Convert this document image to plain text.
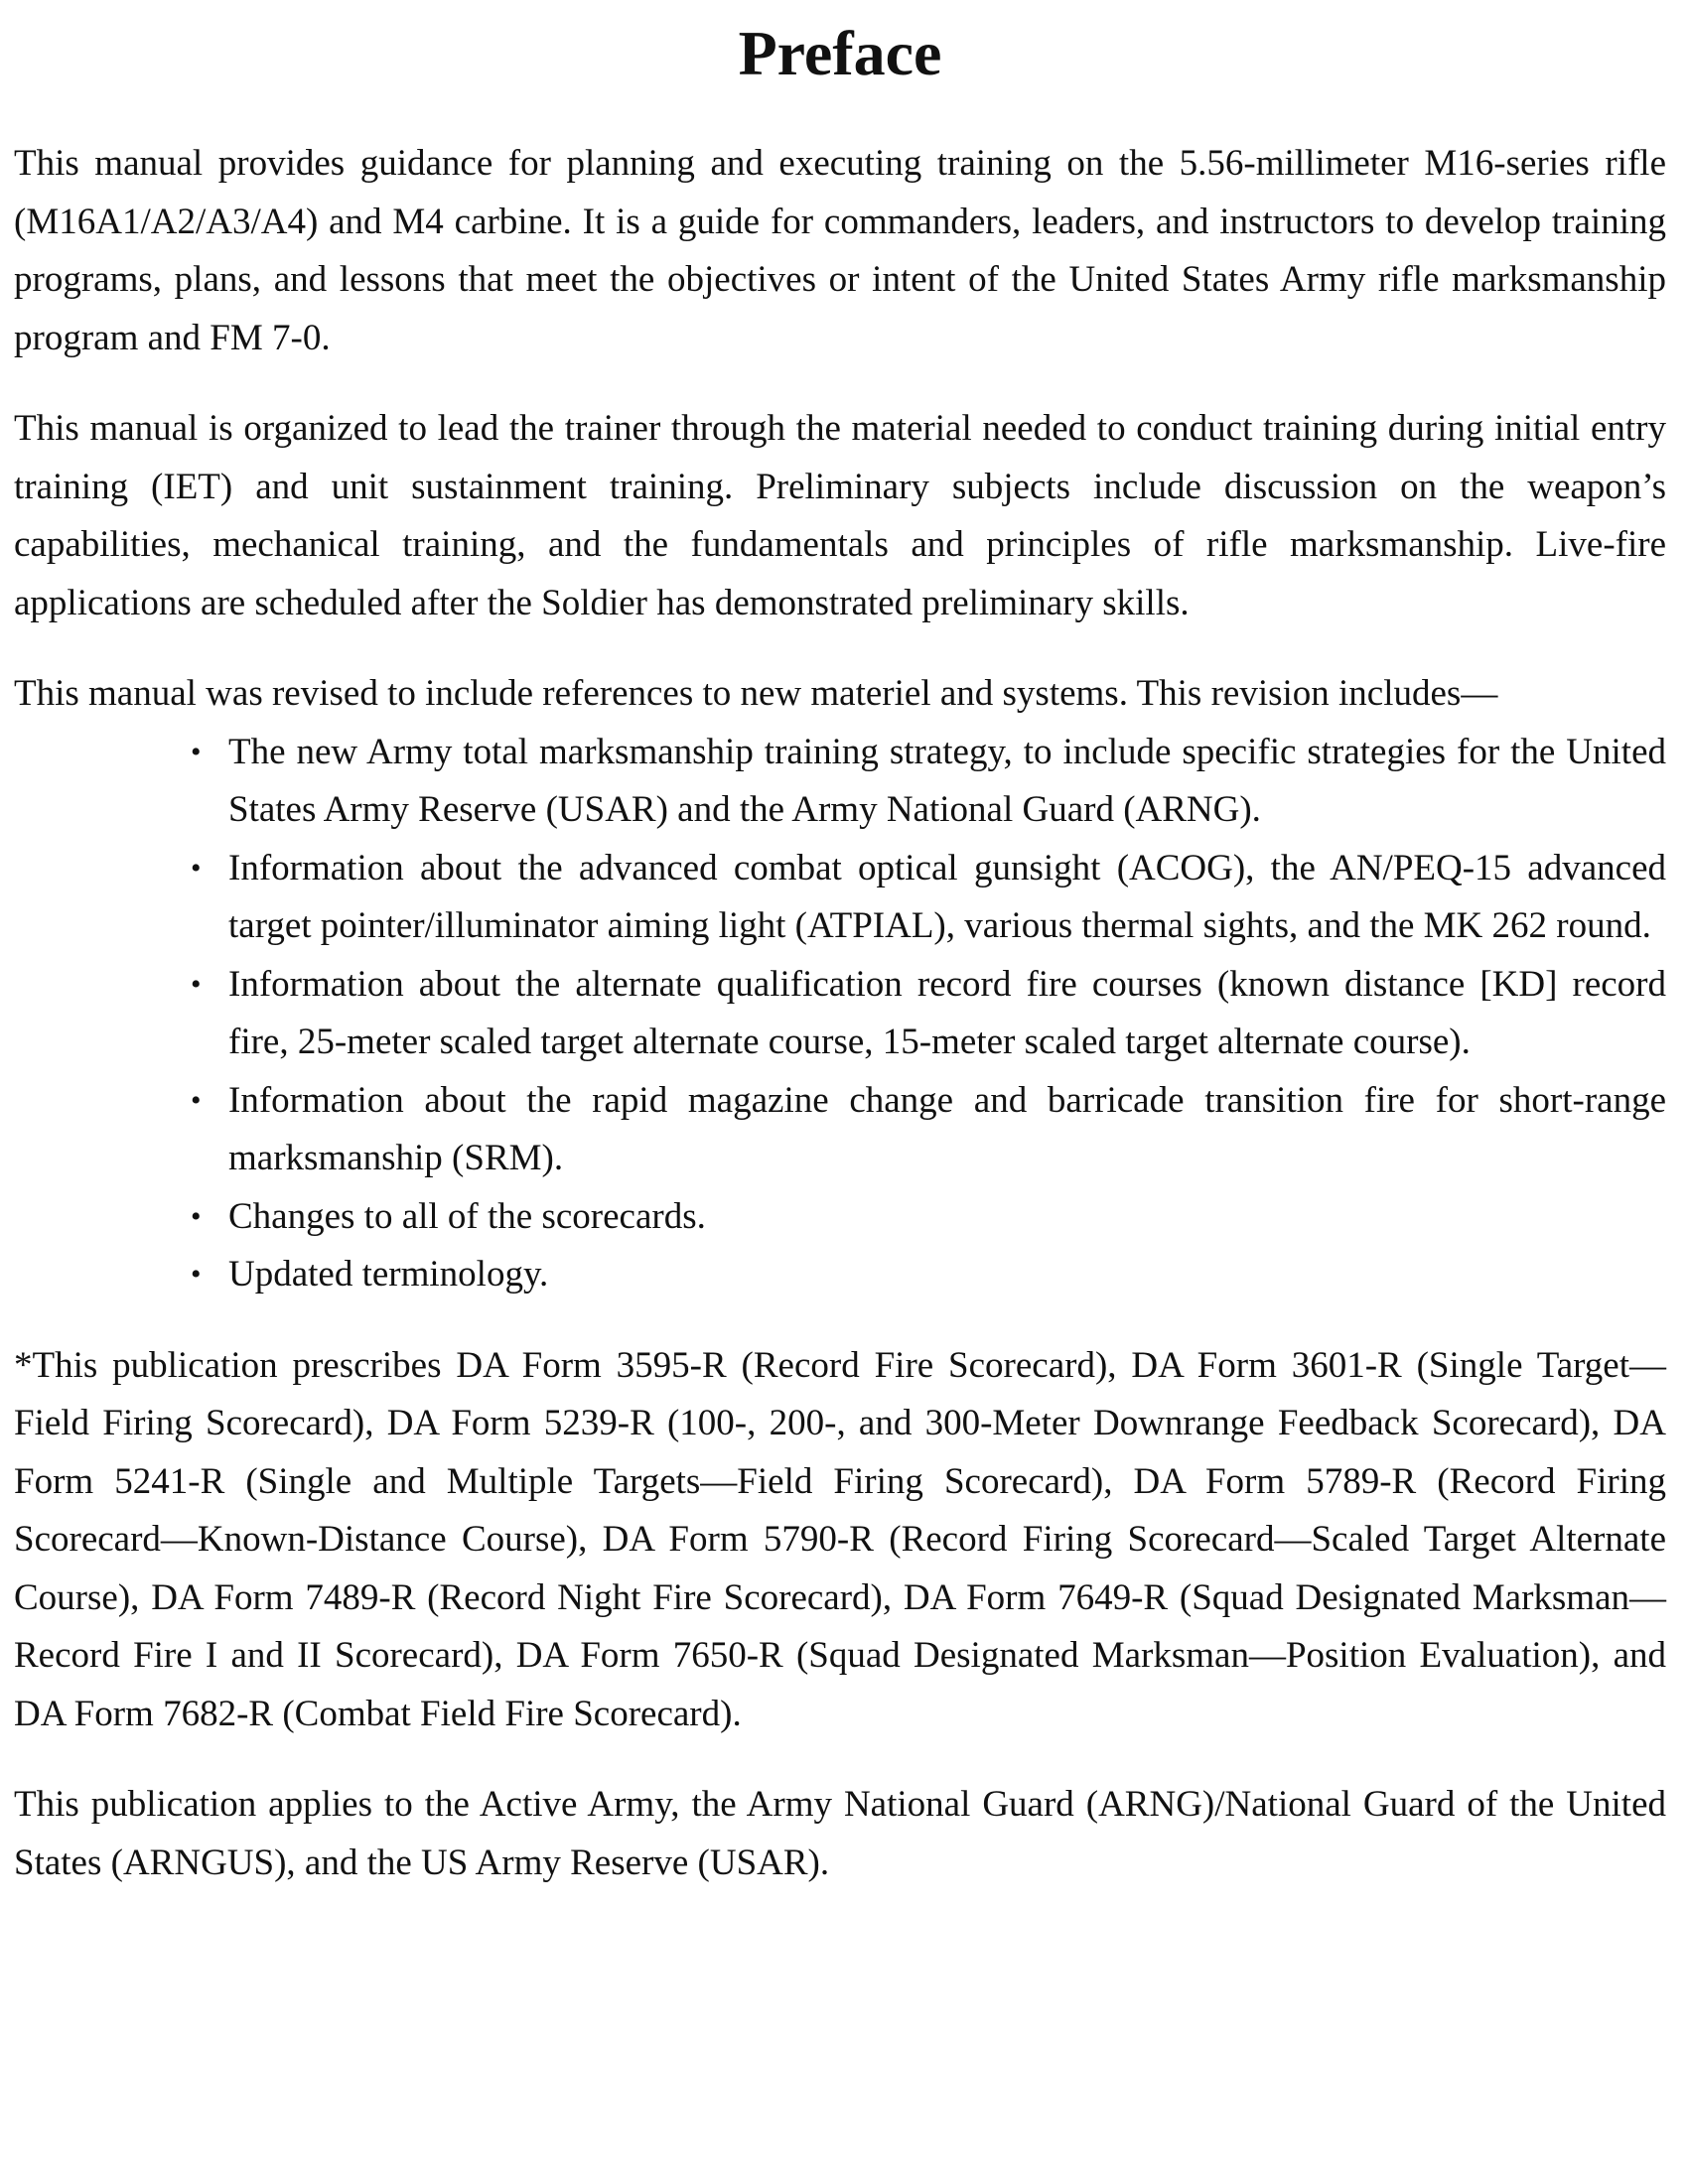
Preface

This manual provides guidance for planning and executing training on the 5.56-millimeter M16-series rifle (M16A1/A2/A3/A4) and M4 carbine. It is a guide for commanders, leaders, and instructors to develop training programs, plans, and lessons that meet the objectives or intent of the United States Army rifle marksmanship program and FM 7-0.

This manual is organized to lead the trainer through the material needed to conduct training during initial entry training (IET) and unit sustainment training. Preliminary subjects include discussion on the weapon’s capabilities, mechanical training, and the fundamentals and principles of rifle marksmanship. Live-fire applications are scheduled after the Soldier has demonstrated preliminary skills.

This manual was revised to include references to new materiel and systems. This revision includes—

• The new Army total marksmanship training strategy, to include specific strategies for the United States Army Reserve (USAR) and the Army National Guard (ARNG).
• Information about the advanced combat optical gunsight (ACOG), the AN/PEQ-15 advanced target pointer/illuminator aiming light (ATPIAL), various thermal sights, and the MK 262 round.
• Information about the alternate qualification record fire courses (known distance [KD] record fire, 25-meter scaled target alternate course, 15-meter scaled target alternate course).
• Information about the rapid magazine change and barricade transition fire for short-range marksmanship (SRM).
• Changes to all of the scorecards.
• Updated terminology.

*This publication prescribes DA Form 3595-R (Record Fire Scorecard), DA Form 3601-R (Single Target—Field Firing Scorecard), DA Form 5239-R (100-, 200-, and 300-Meter Downrange Feedback Scorecard), DA Form 5241-R (Single and Multiple Targets—Field Firing Scorecard), DA Form 5789-R (Record Firing Scorecard—Known-Distance Course), DA Form 5790-R (Record Firing Scorecard—Scaled Target Alternate Course), DA Form 7489-R (Record Night Fire Scorecard), DA Form 7649-R (Squad Designated Marksman—Record Fire I and II Scorecard), DA Form 7650-R (Squad Designated Marksman—Position Evaluation), and DA Form 7682-R (Combat Field Fire Scorecard).

This publication applies to the Active Army, the Army National Guard (ARNG)/National Guard of the United States (ARNGUS), and the US Army Reserve (USAR).
